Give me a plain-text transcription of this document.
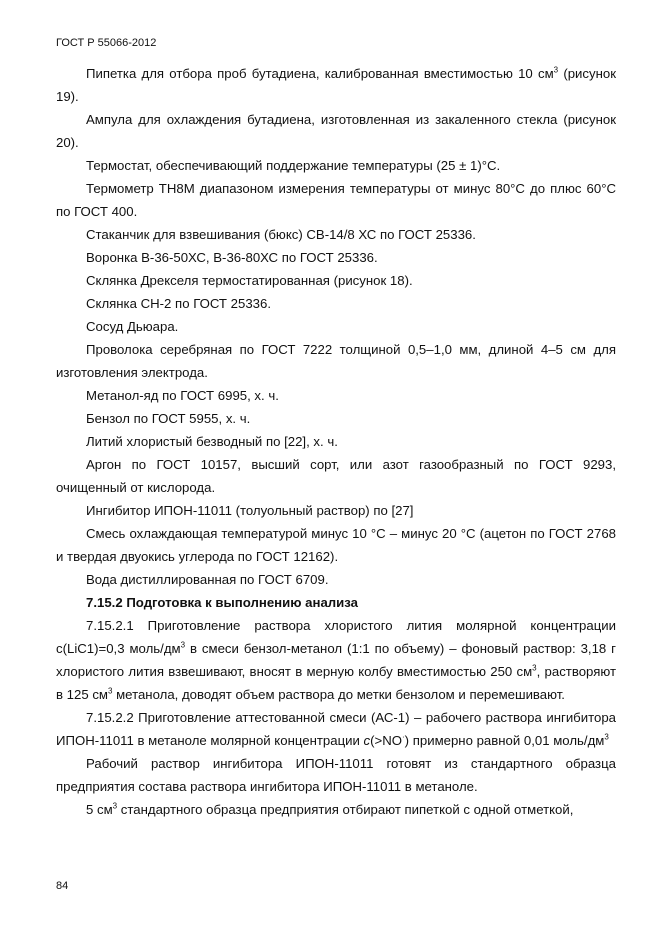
ГОСТ Р 55066-2012

Пипетка для отбора проб бутадиена, калиброванная вместимостью 10 $см^3$ (рисунок 19).

Ампула для охлаждения бутадиена, изготовленная из закаленного стекла (рисунок 20).

Термостат, обеспечивающий поддержание температуры (25 ± 1)°С.

Термометр ТН8М диапазоном измерения температуры от минус 80°С до плюс 60°С по ГОСТ 400.

Стаканчик для взвешивания (бюкс) СВ-14/8 ХС по ГОСТ 25336.

Воронка В-36-50ХС, В-36-80ХС по ГОСТ 25336.

Склянка Дрекселя термостатированная (рисунок 18).

Склянка СН-2 по ГОСТ 25336.

Сосуд Дьюара.

Проволока серебряная по ГОСТ 7222 толщиной 0,5–1,0 мм, длиной 4–5 см для изготовления электрода.

Метанол-яд по ГОСТ 6995, х. ч.

Бензол по ГОСТ 5955, х. ч.

Литий хлористый безводный по [22], х. ч.

Аргон по ГОСТ 10157, высший сорт, или азот газообразный по ГОСТ 9293, очищенный от кислорода.

Ингибитор ИПОН-11011 (толуольный раствор) по [27]

Смесь охлаждающая температурой минус 10 °С – минус 20 °С (ацетон по ГОСТ 2768 и твердая двуокись углерода по ГОСТ 12162).

Вода дистиллированная по ГОСТ 6709.

7.15.2 Подготовка к выполнению анализа

7.15.2.1 Приготовление раствора хлористого лития молярной концентрации c(LiC1)=0,3 моль/$дм^3$ в смеси бензол-метанол (1:1 по объему) – фоновый раствор: 3,18 г хлористого лития взвешивают, вносят в мерную колбу вместимостью 250 $см^3$, растворяют в 125 $см^3$ метанола, доводят объем раствора до метки бензолом и перемешивают.

7.15.2.2 Приготовление аттестованной смеси (АС-1) – рабочего раствора ингибитора ИПОН-11011 в метаноле молярной концентрации c(>NO·) примерно равной 0,01 моль/$дм^3$

Рабочий раствор ингибитора ИПОН-11011 готовят из стандартного образца предприятия состава раствора ингибитора ИПОН-11011 в метаноле.

5 $см^3$ стандартного образца предприятия отбирают пипеткой с одной отметкой,

84
